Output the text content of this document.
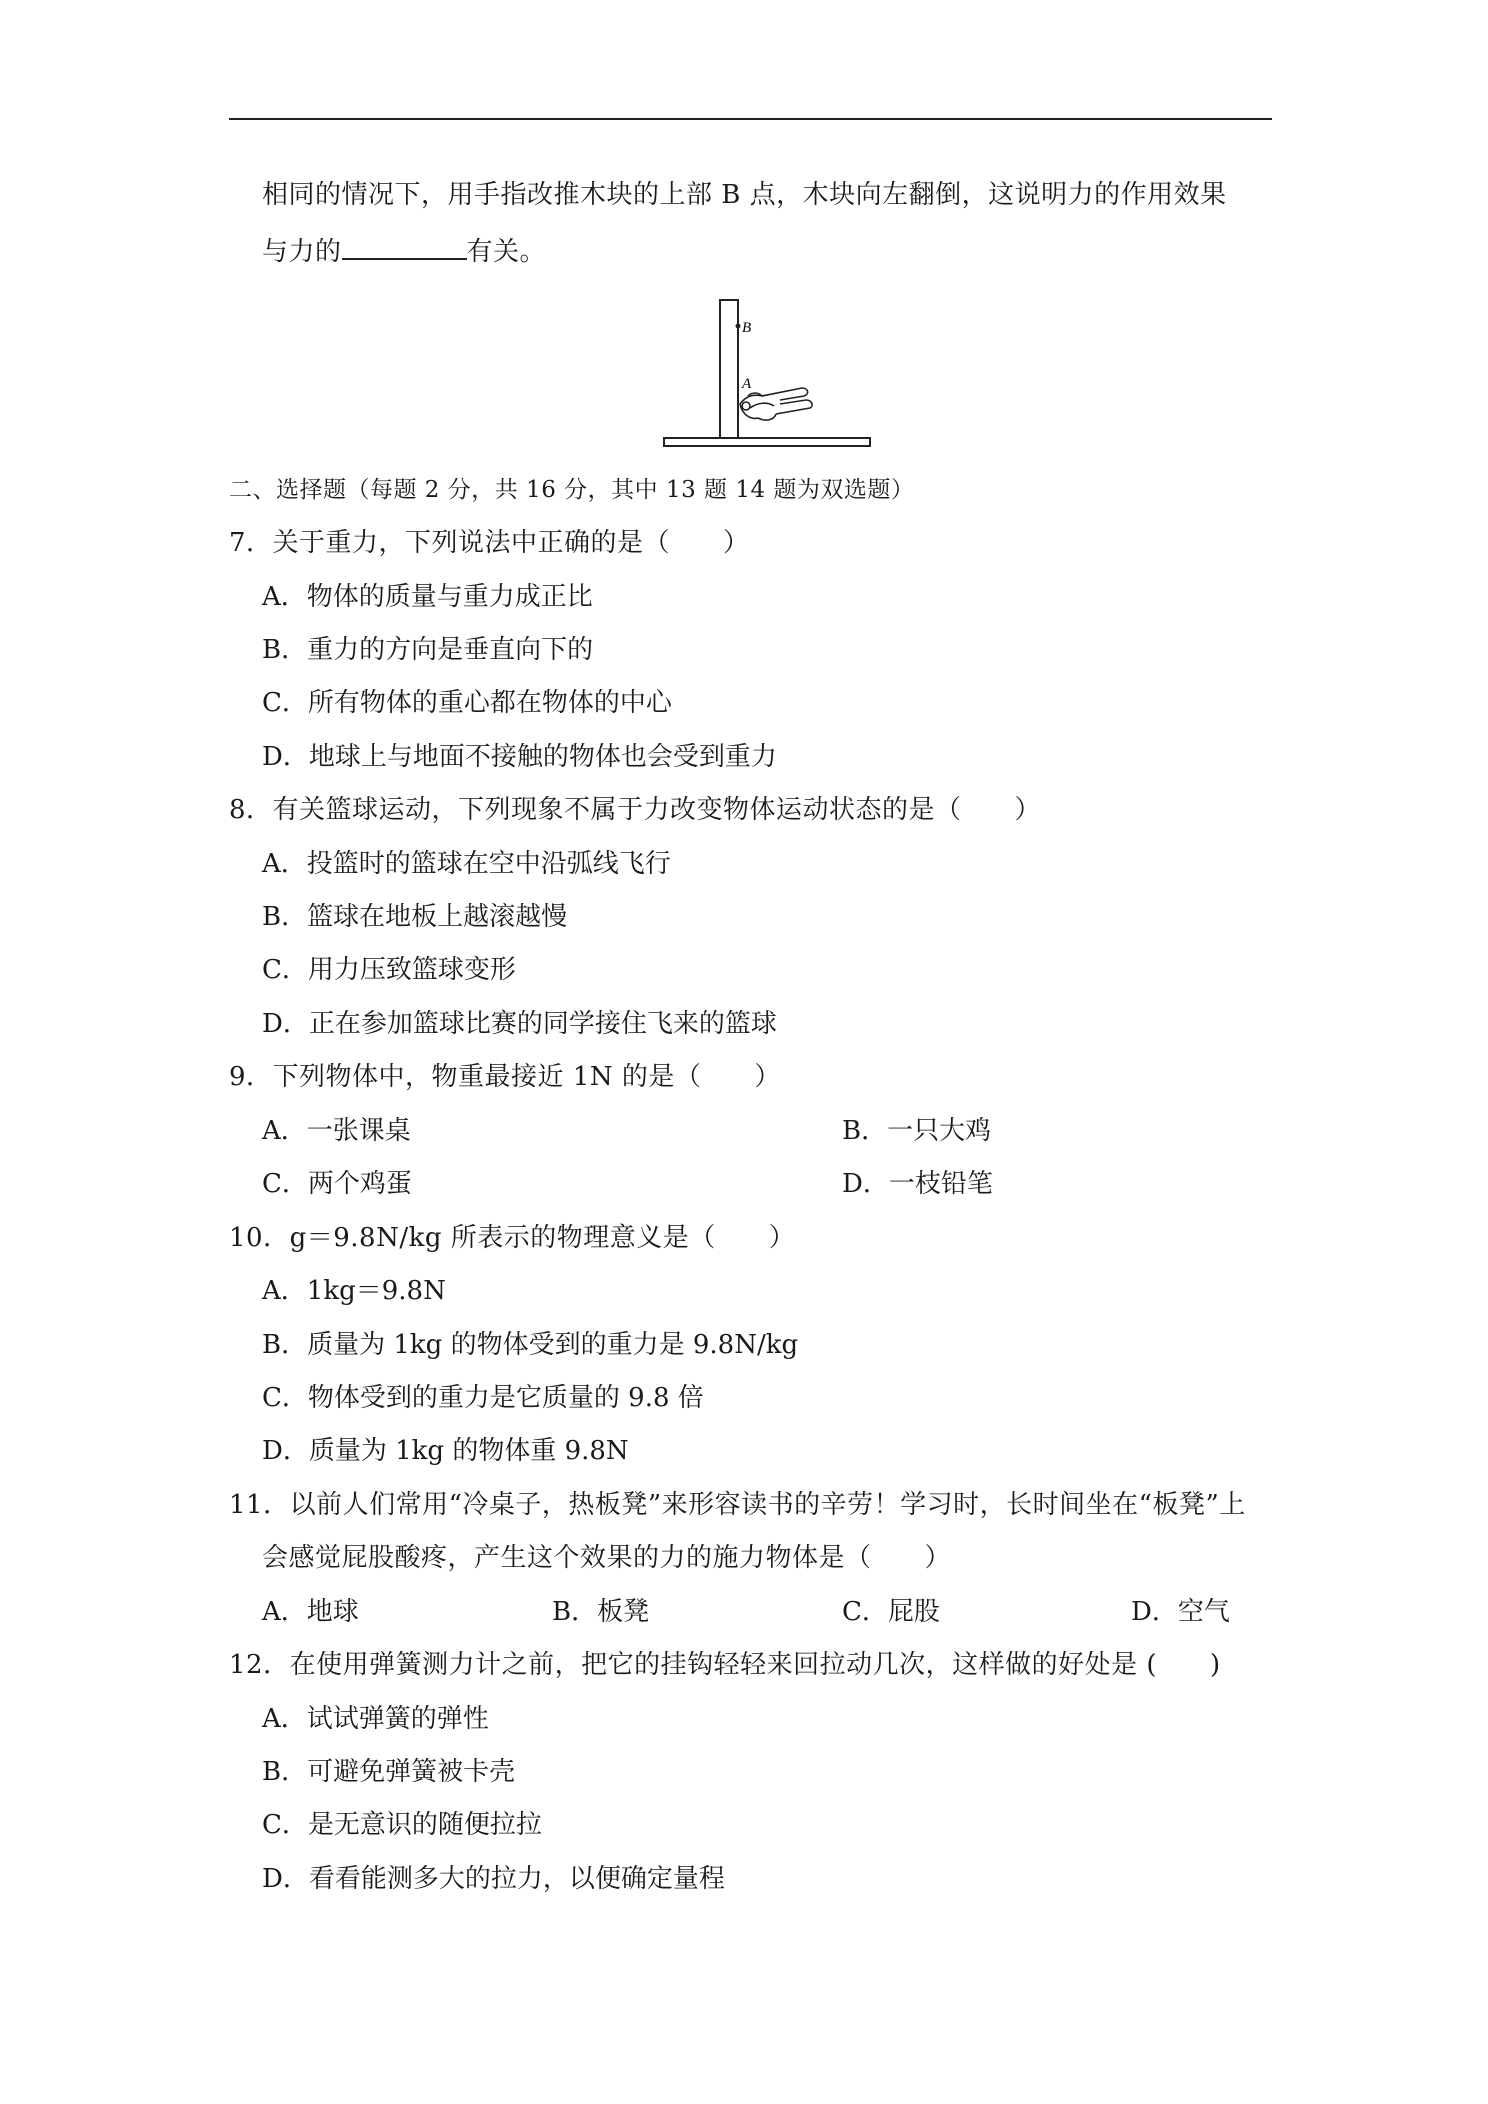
相同的情况下，用手指改推木块的上部 B 点，木块向左翻倒，这说明力的作用效果
与力的	有关。
B
A
二、选择题（每题 2 分，共 16 分，其中 13 题 14 题为双选题）
7．关于重力，下列说法中正确的是（　　）
A．物体的质量与重力成正比
B．重力的方向是垂直向下的
C．所有物体的重心都在物体的中心
D．地球上与地面不接触的物体也会受到重力
8．有关篮球运动，下列现象不属于力改变物体运动状态的是（　　）
A．投篮时的篮球在空中沿弧线飞行
B．篮球在地板上越滚越慢
C．用力压致篮球变形
D．正在参加篮球比赛的同学接住飞来的篮球
9．下列物体中，物重最接近 1N 的是（　　）
A．一张课桌	B．一只大鸡
C．两个鸡蛋	D．一枝铅笔
10．g＝9.8N/kg 所表示的物理意义是（　　）
A．1kg＝9.8N
B．质量为 1kg 的物体受到的重力是 9.8N/kg
C．物体受到的重力是它质量的 9.8 倍
D．质量为 1kg 的物体重 9.8N
11．以前人们常用“冷桌子，热板凳”来形容读书的辛劳！学习时，长时间坐在“板凳”上
会感觉屁股酸疼，产生这个效果的力的施力物体是（　　）
A．地球	B．板凳	C．屁股	D．空气
12．在使用弹簧测力计之前，把它的挂钩轻轻来回拉动几次，这样做的好处是 (　　)
A．试试弹簧的弹性
B．可避免弹簧被卡壳
C．是无意识的随便拉拉
D．看看能测多大的拉力，以便确定量程
